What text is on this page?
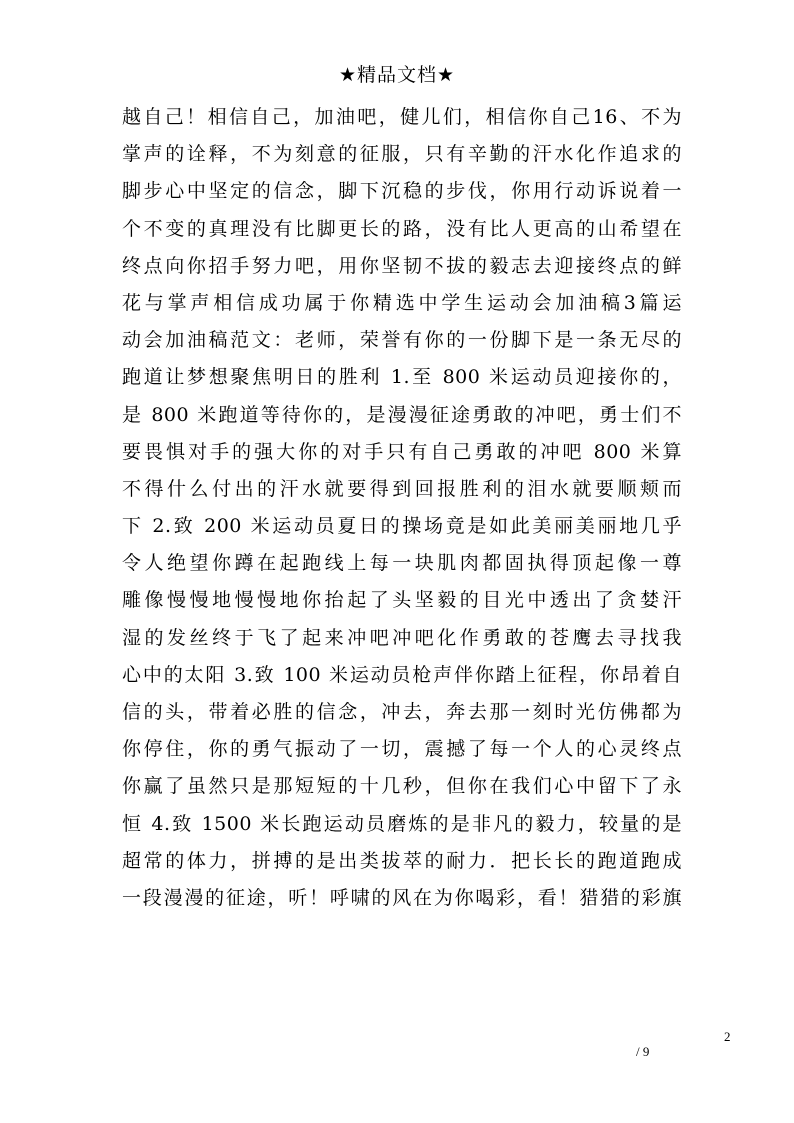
★精品文档★
越自己！相信自己，加油吧，健儿们，相信你自己16、不为
掌声的诠释，不为刻意的征服，只有辛勤的汗水化作追求的
脚步心中坚定的信念，脚下沉稳的步伐，你用行动诉说着一
个不变的真理没有比脚更长的路，没有比人更高的山希望在
终点向你招手努力吧，用你坚韧不拔的毅志去迎接终点的鲜
花与掌声相信成功属于你精选中学生运动会加油稿3篇运
动会加油稿范文：老师，荣誉有你的一份脚下是一条无尽的
跑道让梦想聚焦明日的胜利 1.至 800 米运动员迎接你的，
是 800 米跑道等待你的，是漫漫征途勇敢的冲吧，勇士们不
要畏惧对手的强大你的对手只有自己勇敢的冲吧 800 米算
不得什么付出的汗水就要得到回报胜利的泪水就要顺颊而
下 2.致 200 米运动员夏日的操场竟是如此美丽美丽地几乎
令人绝望你蹲在起跑线上每一块肌肉都固执得顶起像一尊
雕像慢慢地慢慢地你抬起了头坚毅的目光中透出了贪婪汗
湿的发丝终于飞了起来冲吧冲吧化作勇敢的苍鹰去寻找我
心中的太阳 3.致 100 米运动员枪声伴你踏上征程，你昂着自
信的头，带着必胜的信念，冲去，奔去那一刻时光仿佛都为
你停住，你的勇气振动了一切，震撼了每一个人的心灵终点
你赢了虽然只是那短短的十几秒，但你在我们心中留下了永
恒 4.致 1500 米长跑运动员磨炼的是非凡的毅力，较量的是
超常的体力，拼搏的是出类拔萃的耐力．把长长的跑道跑成
一段漫漫的征途，听！呼啸的风在为你喝彩，看！猎猎的彩旗
2
/ 9
